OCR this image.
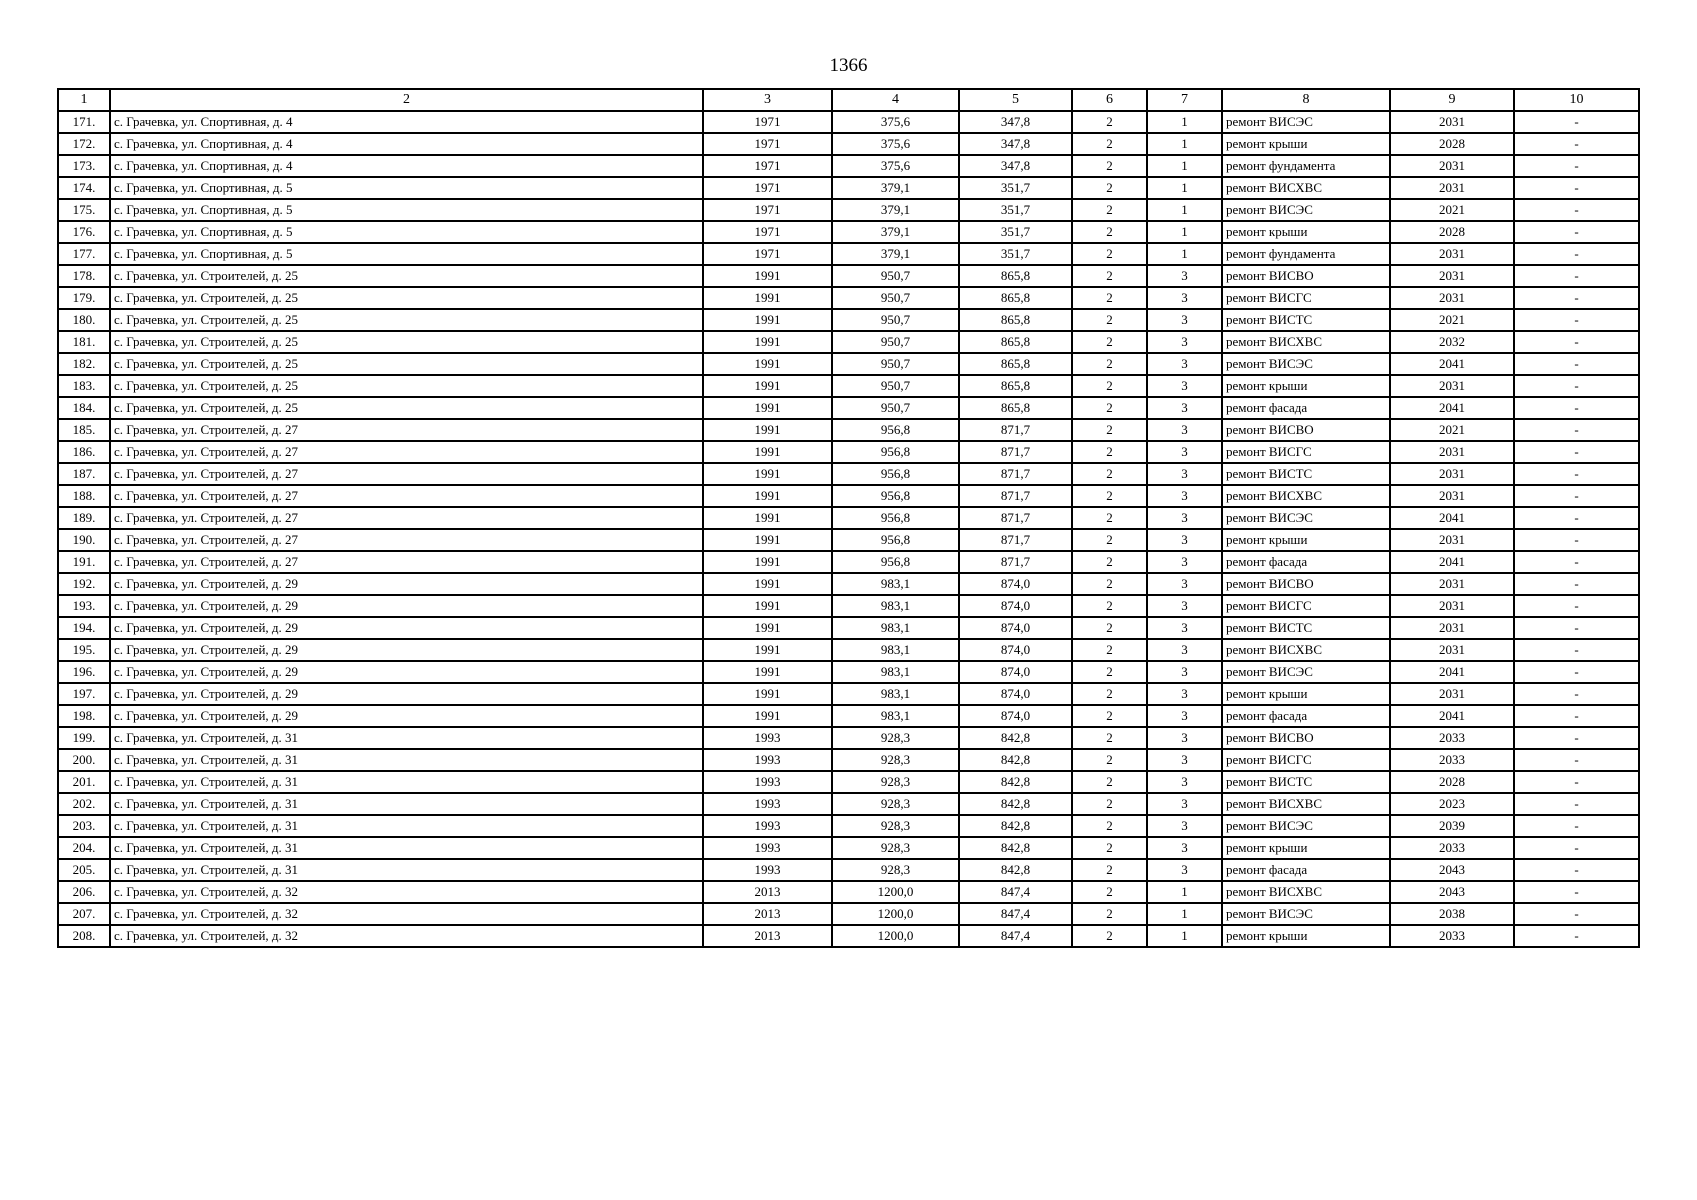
1366
1	2	3	4	5	6	7	8	9	10
171.	с. Грачевка, ул. Спортивная, д. 4	1971	375,6	347,8	2	1	ремонт ВИСЭС	2031	-
172.	с. Грачевка, ул. Спортивная, д. 4	1971	375,6	347,8	2	1	ремонт крыши	2028	-
173.	с. Грачевка, ул. Спортивная, д. 4	1971	375,6	347,8	2	1	ремонт фундамента	2031	-
174.	с. Грачевка, ул. Спортивная, д. 5	1971	379,1	351,7	2	1	ремонт ВИСХВС	2031	-
175.	с. Грачевка, ул. Спортивная, д. 5	1971	379,1	351,7	2	1	ремонт ВИСЭС	2021	-
176.	с. Грачевка, ул. Спортивная, д. 5	1971	379,1	351,7	2	1	ремонт крыши	2028	-
177.	с. Грачевка, ул. Спортивная, д. 5	1971	379,1	351,7	2	1	ремонт фундамента	2031	-
178.	с. Грачевка, ул. Строителей, д. 25	1991	950,7	865,8	2	3	ремонт ВИСВО	2031	-
179.	с. Грачевка, ул. Строителей, д. 25	1991	950,7	865,8	2	3	ремонт ВИСГС	2031	-
180.	с. Грачевка, ул. Строителей, д. 25	1991	950,7	865,8	2	3	ремонт ВИСТС	2021	-
181.	с. Грачевка, ул. Строителей, д. 25	1991	950,7	865,8	2	3	ремонт ВИСХВС	2032	-
182.	с. Грачевка, ул. Строителей, д. 25	1991	950,7	865,8	2	3	ремонт ВИСЭС	2041	-
183.	с. Грачевка, ул. Строителей, д. 25	1991	950,7	865,8	2	3	ремонт крыши	2031	-
184.	с. Грачевка, ул. Строителей, д. 25	1991	950,7	865,8	2	3	ремонт фасада	2041	-
185.	с. Грачевка, ул. Строителей, д. 27	1991	956,8	871,7	2	3	ремонт ВИСВО	2021	-
186.	с. Грачевка, ул. Строителей, д. 27	1991	956,8	871,7	2	3	ремонт ВИСГС	2031	-
187.	с. Грачевка, ул. Строителей, д. 27	1991	956,8	871,7	2	3	ремонт ВИСТС	2031	-
188.	с. Грачевка, ул. Строителей, д. 27	1991	956,8	871,7	2	3	ремонт ВИСХВС	2031	-
189.	с. Грачевка, ул. Строителей, д. 27	1991	956,8	871,7	2	3	ремонт ВИСЭС	2041	-
190.	с. Грачевка, ул. Строителей, д. 27	1991	956,8	871,7	2	3	ремонт крыши	2031	-
191.	с. Грачевка, ул. Строителей, д. 27	1991	956,8	871,7	2	3	ремонт фасада	2041	-
192.	с. Грачевка, ул. Строителей, д. 29	1991	983,1	874,0	2	3	ремонт ВИСВО	2031	-
193.	с. Грачевка, ул. Строителей, д. 29	1991	983,1	874,0	2	3	ремонт ВИСГС	2031	-
194.	с. Грачевка, ул. Строителей, д. 29	1991	983,1	874,0	2	3	ремонт ВИСТС	2031	-
195.	с. Грачевка, ул. Строителей, д. 29	1991	983,1	874,0	2	3	ремонт ВИСХВС	2031	-
196.	с. Грачевка, ул. Строителей, д. 29	1991	983,1	874,0	2	3	ремонт ВИСЭС	2041	-
197.	с. Грачевка, ул. Строителей, д. 29	1991	983,1	874,0	2	3	ремонт крыши	2031	-
198.	с. Грачевка, ул. Строителей, д. 29	1991	983,1	874,0	2	3	ремонт фасада	2041	-
199.	с. Грачевка, ул. Строителей, д. 31	1993	928,3	842,8	2	3	ремонт ВИСВО	2033	-
200.	с. Грачевка, ул. Строителей, д. 31	1993	928,3	842,8	2	3	ремонт ВИСГС	2033	-
201.	с. Грачевка, ул. Строителей, д. 31	1993	928,3	842,8	2	3	ремонт ВИСТС	2028	-
202.	с. Грачевка, ул. Строителей, д. 31	1993	928,3	842,8	2	3	ремонт ВИСХВС	2023	-
203.	с. Грачевка, ул. Строителей, д. 31	1993	928,3	842,8	2	3	ремонт ВИСЭС	2039	-
204.	с. Грачевка, ул. Строителей, д. 31	1993	928,3	842,8	2	3	ремонт крыши	2033	-
205.	с. Грачевка, ул. Строителей, д. 31	1993	928,3	842,8	2	3	ремонт фасада	2043	-
206.	с. Грачевка, ул. Строителей, д. 32	2013	1200,0	847,4	2	1	ремонт ВИСХВС	2043	-
207.	с. Грачевка, ул. Строителей, д. 32	2013	1200,0	847,4	2	1	ремонт ВИСЭС	2038	-
208.	с. Грачевка, ул. Строителей, д. 32	2013	1200,0	847,4	2	1	ремонт крыши	2033	-
